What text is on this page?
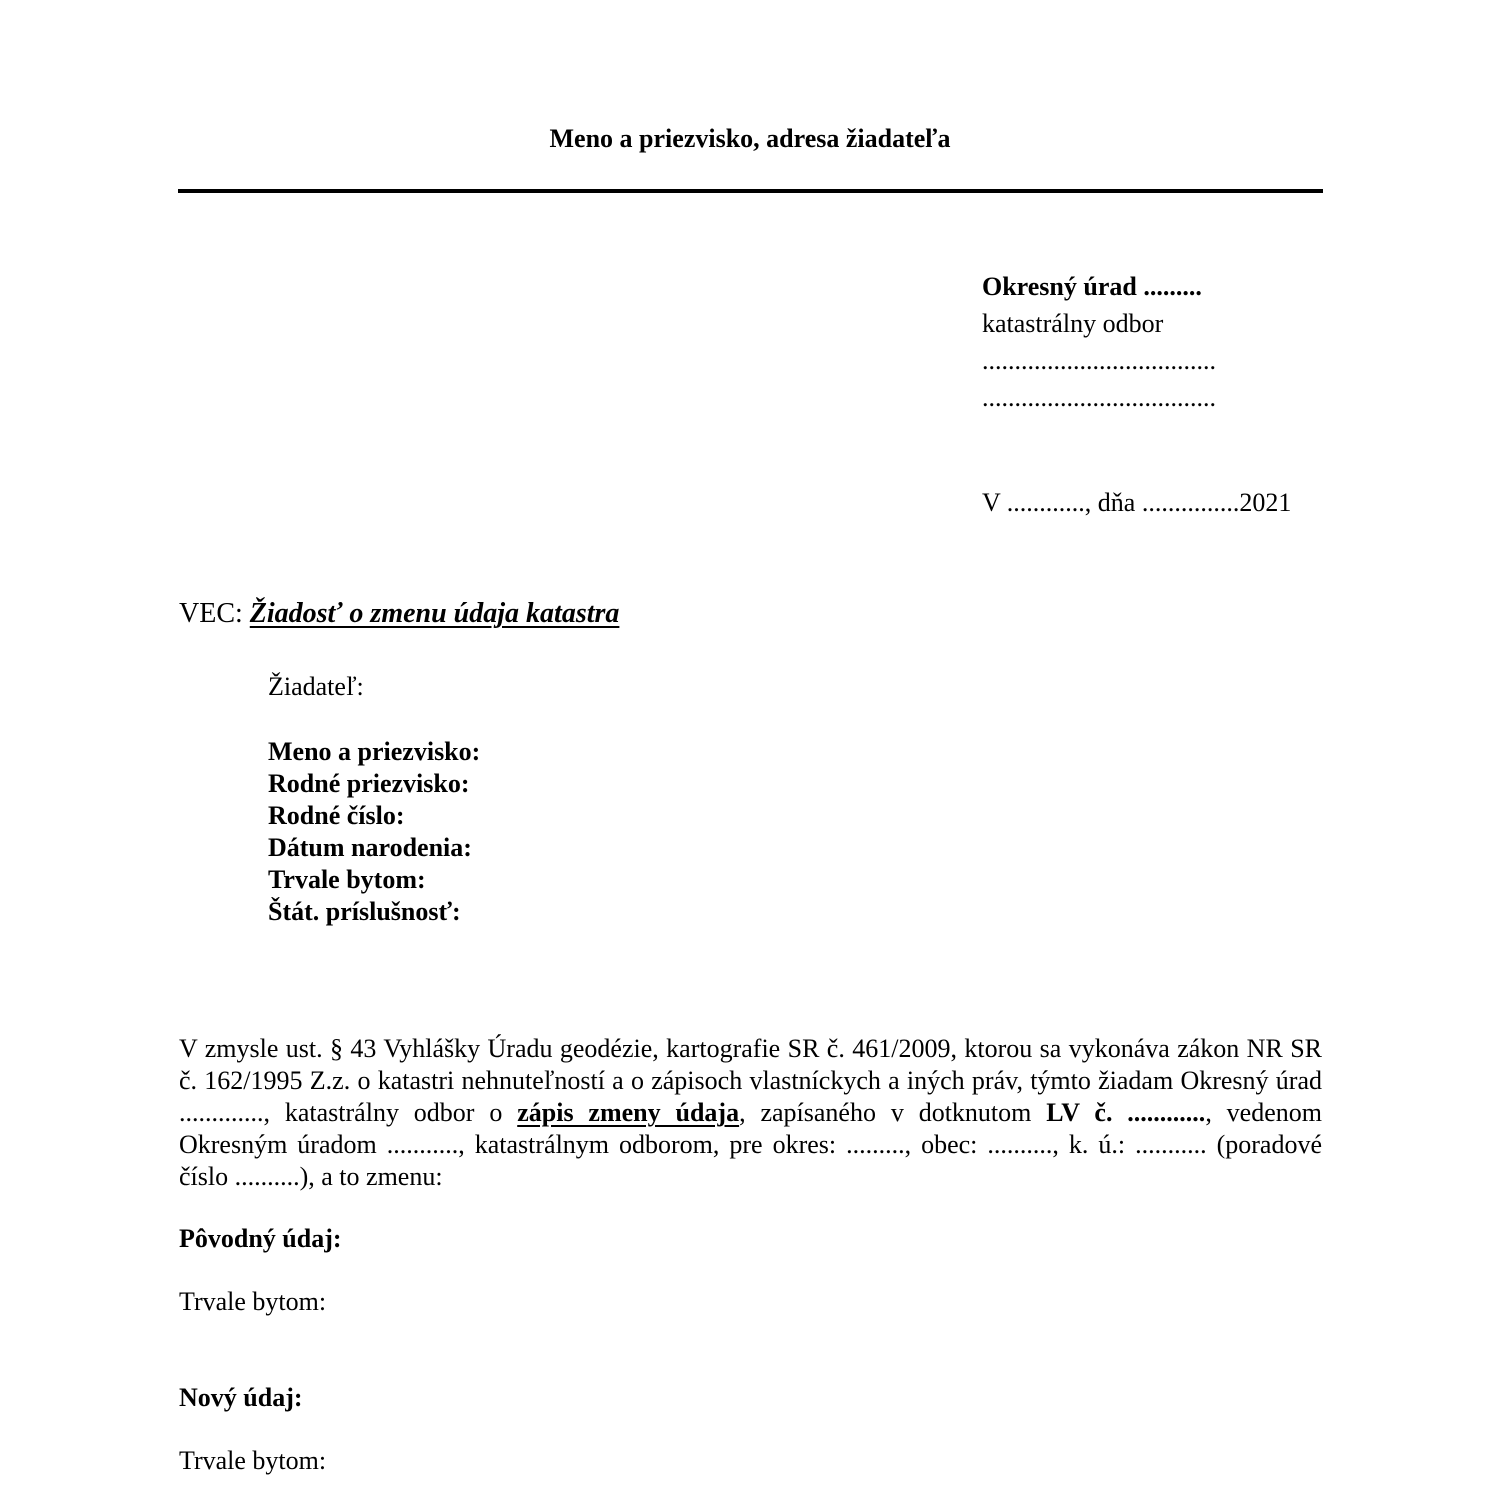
Meno a priezvisko, adresa žiadateľa
Okresný úrad .........
katastrálny odbor
....................................
....................................
V ............, dňa ...............2021
VEC: Žiadosť o zmenu údaja katastra
Žiadateľ:
Meno a priezvisko:
Rodné priezvisko:
Rodné číslo:
Dátum narodenia:
Trvale bytom:
Štát. príslušnosť:
V zmysle ust. § 43 Vyhlášky Úradu geodézie, kartografie SR č. 461/2009, ktorou sa vykonáva zákon NR SR č. 162/1995 Z.z. o katastri nehnuteľností a o zápisoch vlastníckych a iných práv, týmto žiadam Okresný úrad ............., katastrálny odbor o zápis zmeny údaja, zapísaného v dotknutom LV č. ............, vedenom Okresným úradom ..........., katastrálnym odborom, pre okres: ........., obec: .........., k. ú.: ........... (poradové číslo ..........), a to zmenu:
Pôvodný údaj:
Trvale bytom:
Nový údaj:
Trvale bytom:
